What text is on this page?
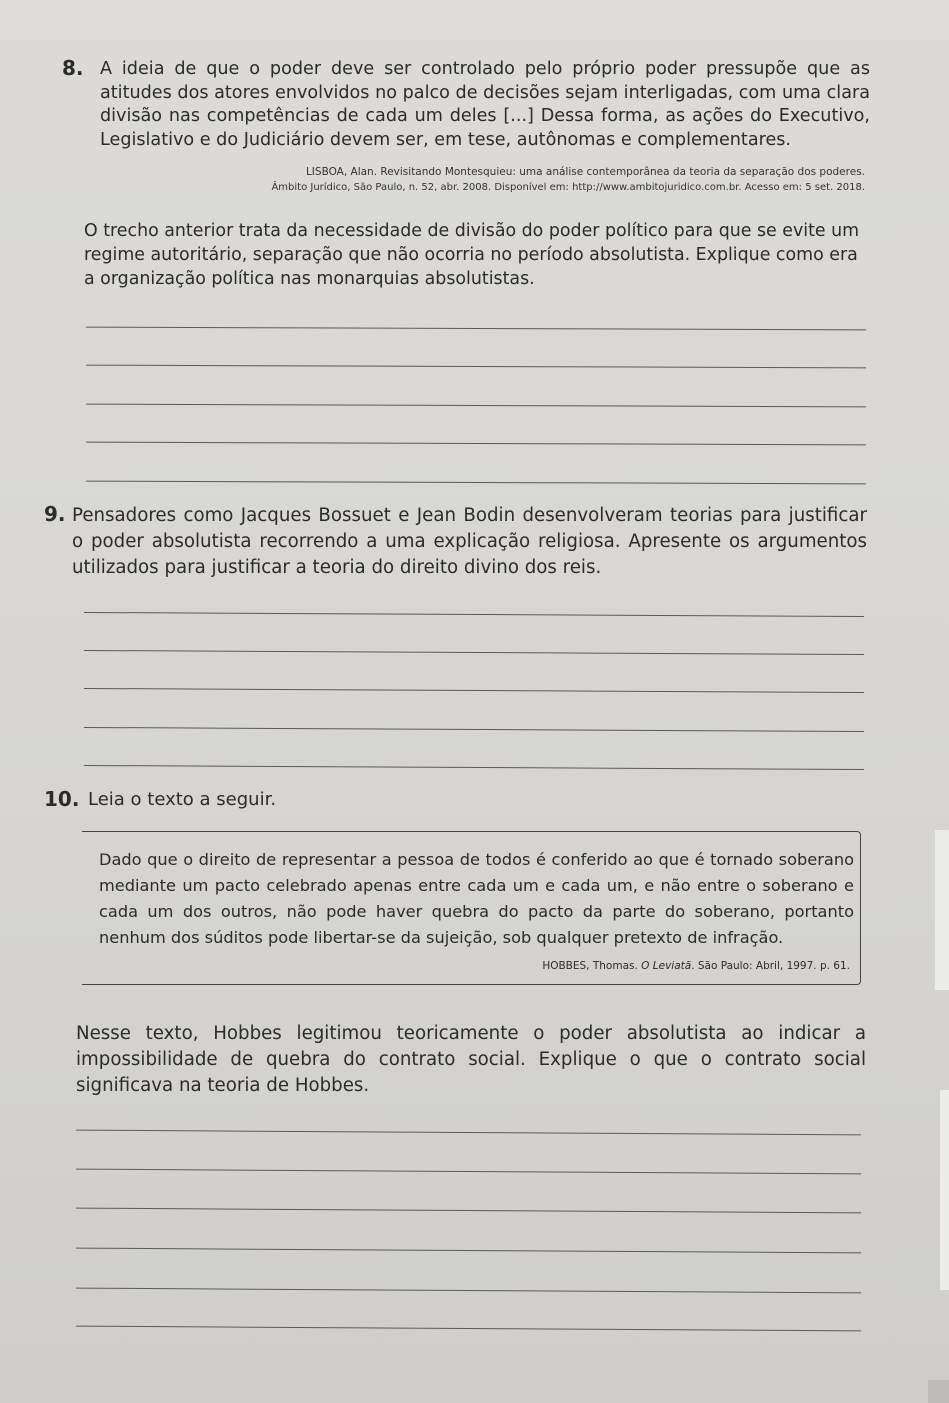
8. A ideia de que o poder deve ser controlado pelo próprio poder pressupõe que as atitudes dos atores envolvidos no palco de decisões sejam interligadas, com uma clara divisão nas competências de cada um deles [...] Dessa forma, as ações do Executivo, Legislativo e do Judiciário devem ser, em tese, autônomas e complementares.
LISBOA, Alan. Revisitando Montesquieu: uma análise contemporânea da teoria da separação dos poderes.
Âmbito Jurídico, São Paulo, n. 52, abr. 2008. Disponível em: http://www.ambitojuridico.com.br. Acesso em: 5 set. 2018.
O trecho anterior trata da necessidade de divisão do poder político para que se evite um regime autoritário, separação que não ocorria no período absolutista. Explique como era a organização política nas monarquias absolutistas.
9. Pensadores como Jacques Bossuet e Jean Bodin desenvolveram teorias para justificar o poder absolutista recorrendo a uma explicação religiosa. Apresente os argumentos utilizados para justificar a teoria do direito divino dos reis.
10. Leia o texto a seguir.
Dado que o direito de representar a pessoa de todos é conferido ao que é tornado soberano mediante um pacto celebrado apenas entre cada um e cada um, e não entre o soberano e cada um dos outros, não pode haver quebra do pacto da parte do soberano, portanto nenhum dos súditos pode libertar-se da sujeição, sob qualquer pretexto de infração.
HOBBES, Thomas. O Leviatã. São Paulo: Abril, 1997. p. 61.
Nesse texto, Hobbes legitimou teoricamente o poder absolutista ao indicar a impossibilidade de quebra do contrato social. Explique o que o contrato social significava na teoria de Hobbes.
